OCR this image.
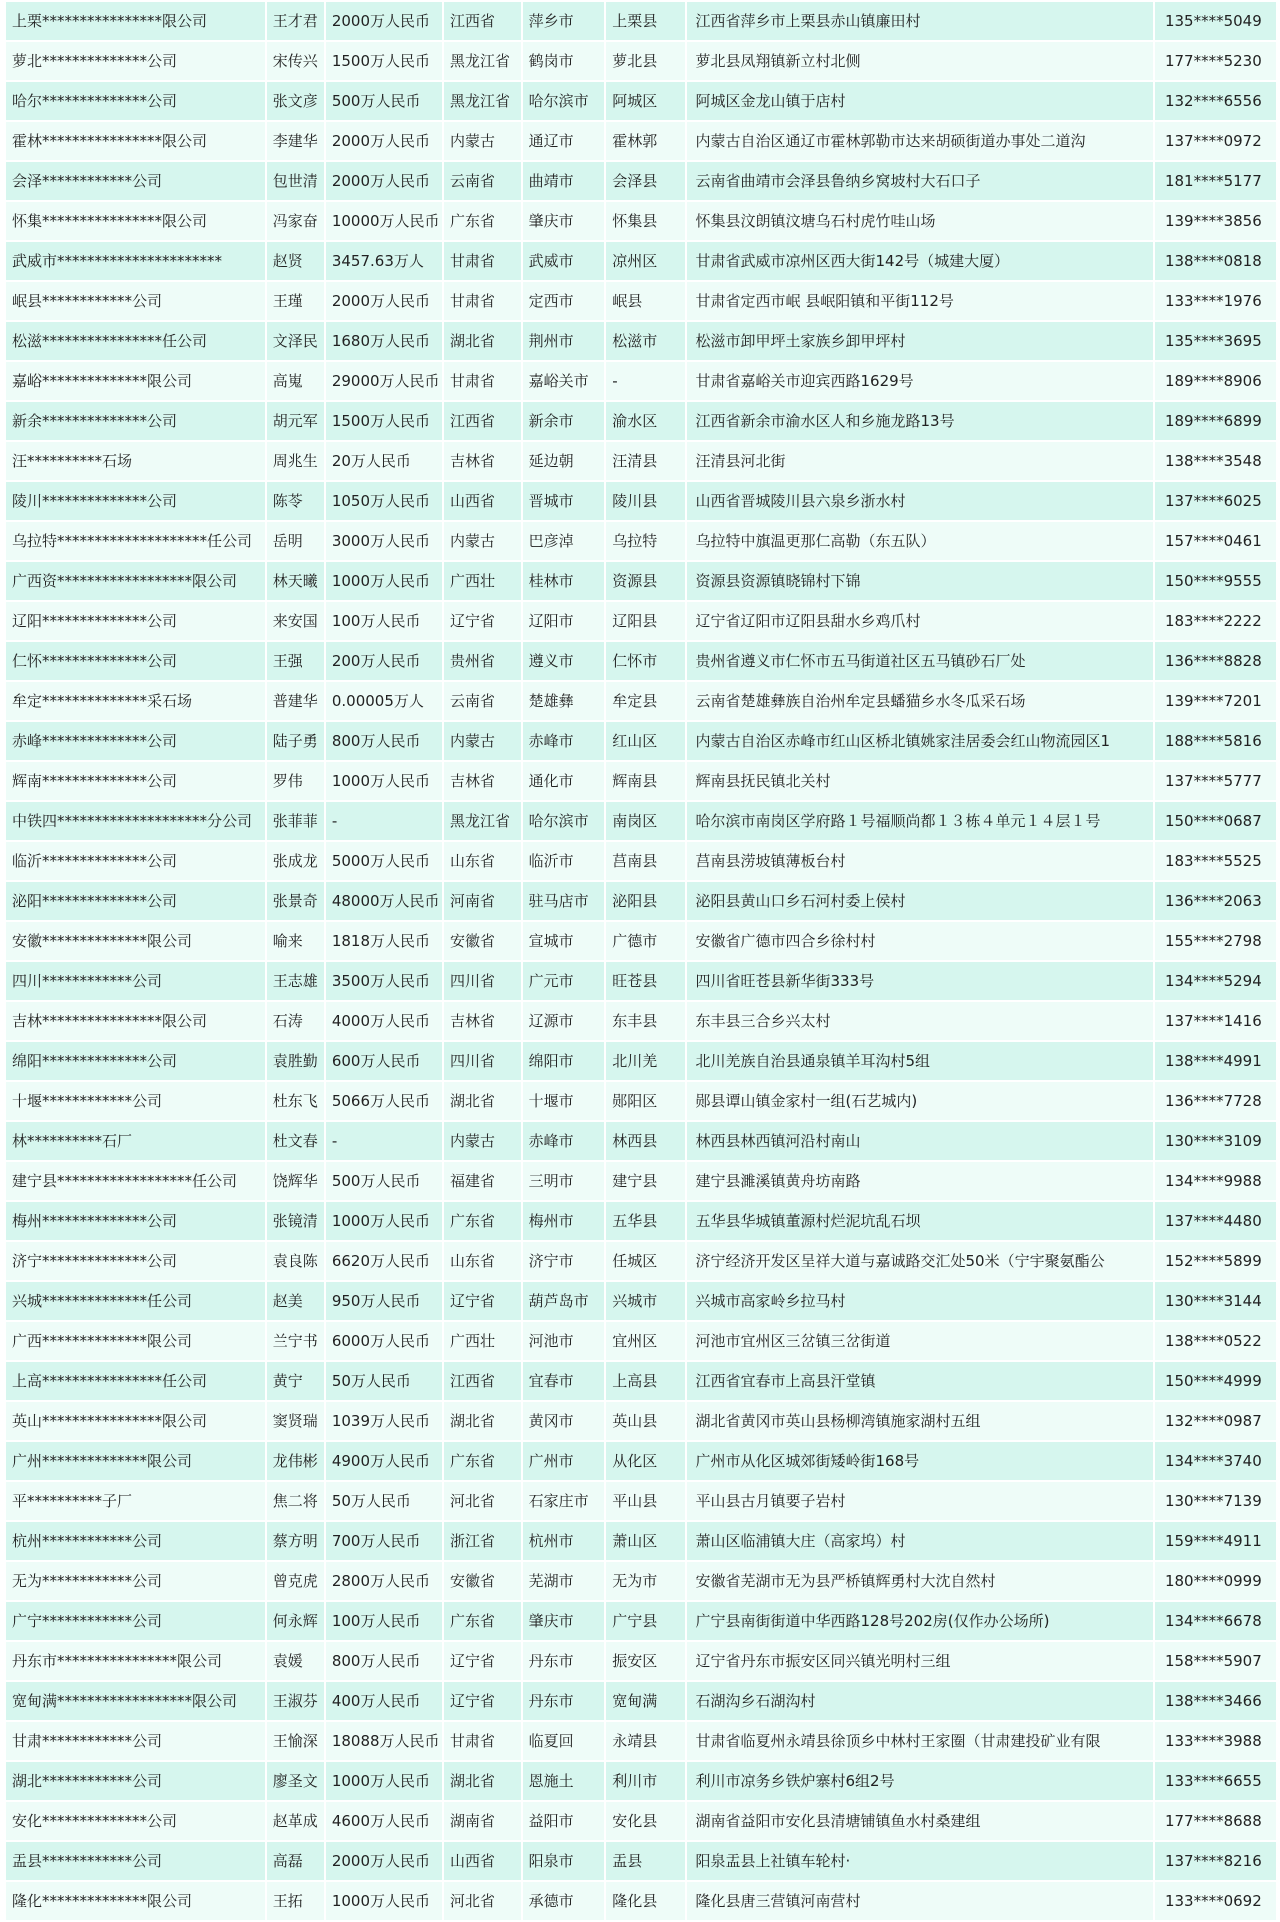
上栗****************限公司	王才君	2000万人民币	江西省	萍乡市	上栗县	江西省萍乡市上栗县赤山镇廉田村	135****5049
萝北**************公司	宋传兴	1500万人民币	黑龙江省	鹤岗市	萝北县	萝北县凤翔镇新立村北侧	177****5230
哈尔**************公司	张文彦	500万人民币	黑龙江省	哈尔滨市	阿城区	阿城区金龙山镇于店村	132****6556
霍林****************限公司	李建华	2000万人民币	内蒙古	通辽市	霍林郭	内蒙古自治区通辽市霍林郭勒市达来胡硕街道办事处二道沟	137****0972
会泽************公司	包世清	2000万人民币	云南省	曲靖市	会泽县	云南省曲靖市会泽县鲁纳乡窝坡村大石口子	181****5177
怀集****************限公司	冯家奋	10000万人民币	广东省	肇庆市	怀集县	怀集县汶朗镇汶塘乌石村虎竹哇山场	139****3856
武威市**********************	赵贤	3457.63万人	甘肃省	武威市	凉州区	甘肃省武威市凉州区西大街142号（城建大厦）	138****0818
岷县************公司	王瑾	2000万人民币	甘肃省	定西市	岷县	甘肃省定西市岷 县岷阳镇和平街112号	133****1976
松滋****************任公司	文泽民	1680万人民币	湖北省	荆州市	松滋市	松滋市卸甲坪土家族乡卸甲坪村	135****3695
嘉峪**************限公司	高嵬	29000万人民币	甘肃省	嘉峪关市	-	甘肃省嘉峪关市迎宾西路1629号	189****8906
新余**************公司	胡元军	1500万人民币	江西省	新余市	渝水区	江西省新余市渝水区人和乡施龙路13号	189****6899
汪**********石场	周兆生	20万人民币	吉林省	延边朝	汪清县	汪清县河北街	138****3548
陵川**************公司	陈苓	1050万人民币	山西省	晋城市	陵川县	山西省晋城陵川县六泉乡浙水村	137****6025
乌拉特********************任公司	岳明	3000万人民币	内蒙古	巴彦淖	乌拉特	乌拉特中旗温更那仁高勒（东五队）	157****0461
广西资******************限公司	林天曦	1000万人民币	广西壮	桂林市	资源县	资源县资源镇晓锦村下锦	150****9555
辽阳**************公司	来安国	100万人民币	辽宁省	辽阳市	辽阳县	辽宁省辽阳市辽阳县甜水乡鸡爪村	183****2222
仁怀**************公司	王强	200万人民币	贵州省	遵义市	仁怀市	贵州省遵义市仁怀市五马街道社区五马镇砂石厂处	136****8828
牟定**************采石场	普建华	0.00005万人	云南省	楚雄彝	牟定县	云南省楚雄彝族自治州牟定县蟠猫乡水冬瓜采石场	139****7201
赤峰**************公司	陆子勇	800万人民币	内蒙古	赤峰市	红山区	内蒙古自治区赤峰市红山区桥北镇姚家洼居委会红山物流园区1	188****5816
辉南**************公司	罗伟	1000万人民币	吉林省	通化市	辉南县	辉南县抚民镇北关村	137****5777
中铁四********************分公司	张菲菲	-	黑龙江省	哈尔滨市	南岗区	哈尔滨市南岗区学府路１号福顺尚都１３栋４单元１４层１号	150****0687
临沂**************公司	张成龙	5000万人民币	山东省	临沂市	莒南县	莒南县涝坡镇薄板台村	183****5525
泌阳**************公司	张景奇	48000万人民币	河南省	驻马店市	泌阳县	泌阳县黄山口乡石河村委上侯村	136****2063
安徽**************限公司	喻来	1818万人民币	安徽省	宣城市	广德市	安徽省广德市四合乡徐村村	155****2798
四川************公司	王志雄	3500万人民币	四川省	广元市	旺苍县	四川省旺苍县新华街333号	134****5294
吉林****************限公司	石涛	4000万人民币	吉林省	辽源市	东丰县	东丰县三合乡兴太村	137****1416
绵阳**************公司	袁胜勤	600万人民币	四川省	绵阳市	北川羌	北川羌族自治县通泉镇羊耳沟村5组	138****4991
十堰************公司	杜东飞	5066万人民币	湖北省	十堰市	郧阳区	郧县谭山镇金家村一组(石艺城内)	136****7728
林**********石厂	杜文春	-	内蒙古	赤峰市	林西县	林西县林西镇河沿村南山	130****3109
建宁县******************任公司	饶辉华	500万人民币	福建省	三明市	建宁县	建宁县濉溪镇黄舟坊南路	134****9988
梅州**************公司	张镜清	1000万人民币	广东省	梅州市	五华县	五华县华城镇董源村烂泥坑乱石坝	137****4480
济宁**************公司	袁良陈	6620万人民币	山东省	济宁市	任城区	济宁经济开发区呈祥大道与嘉诚路交汇处50米（宁宇聚氨酯公	152****5899
兴城**************任公司	赵美	950万人民币	辽宁省	葫芦岛市	兴城市	兴城市高家岭乡拉马村	130****3144
广西**************限公司	兰宁书	6000万人民币	广西壮	河池市	宜州区	河池市宜州区三岔镇三岔街道	138****0522
上高****************任公司	黄宁	50万人民币	江西省	宜春市	上高县	江西省宜春市上高县汗堂镇	150****4999
英山****************限公司	窦贤瑞	1039万人民币	湖北省	黄冈市	英山县	湖北省黄冈市英山县杨柳湾镇施家湖村五组	132****0987
广州**************限公司	龙伟彬	4900万人民币	广东省	广州市	从化区	广州市从化区城郊街矮岭街168号	134****3740
平**********子厂	焦二将	50万人民币	河北省	石家庄市	平山县	平山县古月镇要子岩村	130****7139
杭州************公司	蔡方明	700万人民币	浙江省	杭州市	萧山区	萧山区临浦镇大庄（高家坞）村	159****4911
无为************公司	曾克虎	2800万人民币	安徽省	芜湖市	无为市	安徽省芜湖市无为县严桥镇辉勇村大沈自然村	180****0999
广宁************公司	何永辉	100万人民币	广东省	肇庆市	广宁县	广宁县南街街道中华西路128号202房(仅作办公场所)	134****6678
丹东市****************限公司	袁媛	800万人民币	辽宁省	丹东市	振安区	辽宁省丹东市振安区同兴镇光明村三组	158****5907
宽甸满******************限公司	王淑芬	400万人民币	辽宁省	丹东市	宽甸满	石湖沟乡石湖沟村	138****3466
甘肃************公司	王愉深	18088万人民币	甘肃省	临夏回	永靖县	甘肃省临夏州永靖县徐顶乡中林村王家圈（甘肃建投矿业有限	133****3988
湖北************公司	廖圣文	1000万人民币	湖北省	恩施土	利川市	利川市凉务乡铁炉寨村6组2号	133****6655
安化**************公司	赵革成	4600万人民币	湖南省	益阳市	安化县	湖南省益阳市安化县清塘铺镇鱼水村桑建组	177****8688
盂县************公司	高磊	2000万人民币	山西省	阳泉市	盂县	阳泉盂县上社镇车轮村·	137****8216
隆化**************限公司	王拓	1000万人民币	河北省	承德市	隆化县	隆化县唐三营镇河南营村	133****0692
